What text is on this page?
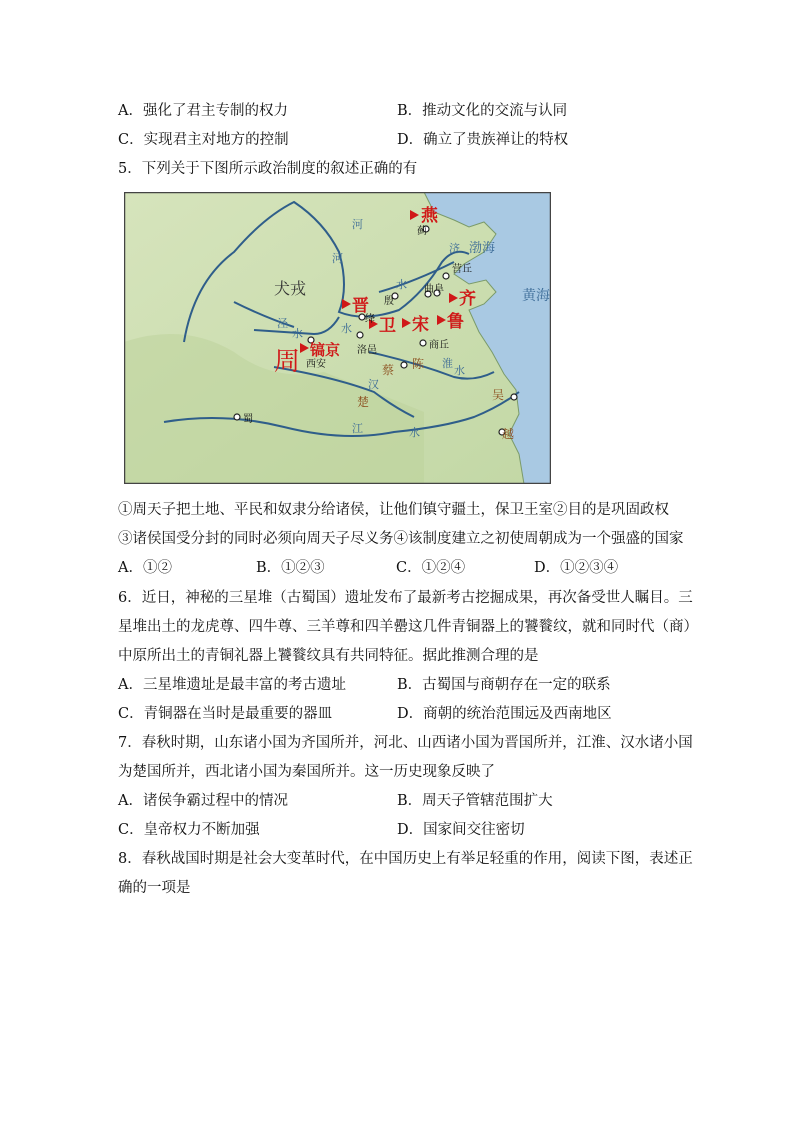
A．强化了君主专制的权力	B．推动文化的交流与认同
C．实现君主对地方的控制	D．确立了贵族禅让的特权
5．下列关于下图所示政治制度的叙述正确的有
燕
晋
卫 宋
齐
鲁
镐京
周
蓟
营丘
曲阜
殷
绛
洛邑	商丘
西安
蜀
犬戎
陈
蔡
楚	吴
越
渤海
黄海
河
河
济
水
泾
水	水
汉
淮
水
江	水
①周天子把土地、平民和奴隶分给诸侯，让他们镇守疆土，保卫王室②目的是巩固政权
③诸侯国受分封的同时必须向周天子尽义务④该制度建立之初使周朝成为一个强盛的国家
A．①②	B．①②③	C．①②④	D．①②③④
6．近日，神秘的三星堆（古蜀国）遗址发布了最新考古挖掘成果，再次备受世人瞩目。三
星堆出土的龙虎尊、四牛尊、三羊尊和四羊罍这几件青铜器上的饕餮纹，就和同时代（商）
中原所出土的青铜礼器上饕餮纹具有共同特征。据此推测合理的是
A．三星堆遗址是最丰富的考古遗址	B．古蜀国与商朝存在一定的联系
C．青铜器在当时是最重要的器皿	D．商朝的统治范围远及西南地区
7．春秋时期，山东诸小国为齐国所并，河北、山西诸小国为晋国所并，江淮、汉水诸小国
为楚国所并，西北诸小国为秦国所并。这一历史现象反映了
A．诸侯争霸过程中的情况	B．周天子管辖范围扩大
C．皇帝权力不断加强	D．国家间交往密切
8．春秋战国时期是社会大变革时代，在中国历史上有举足轻重的作用，阅读下图，表述正
确的一项是
